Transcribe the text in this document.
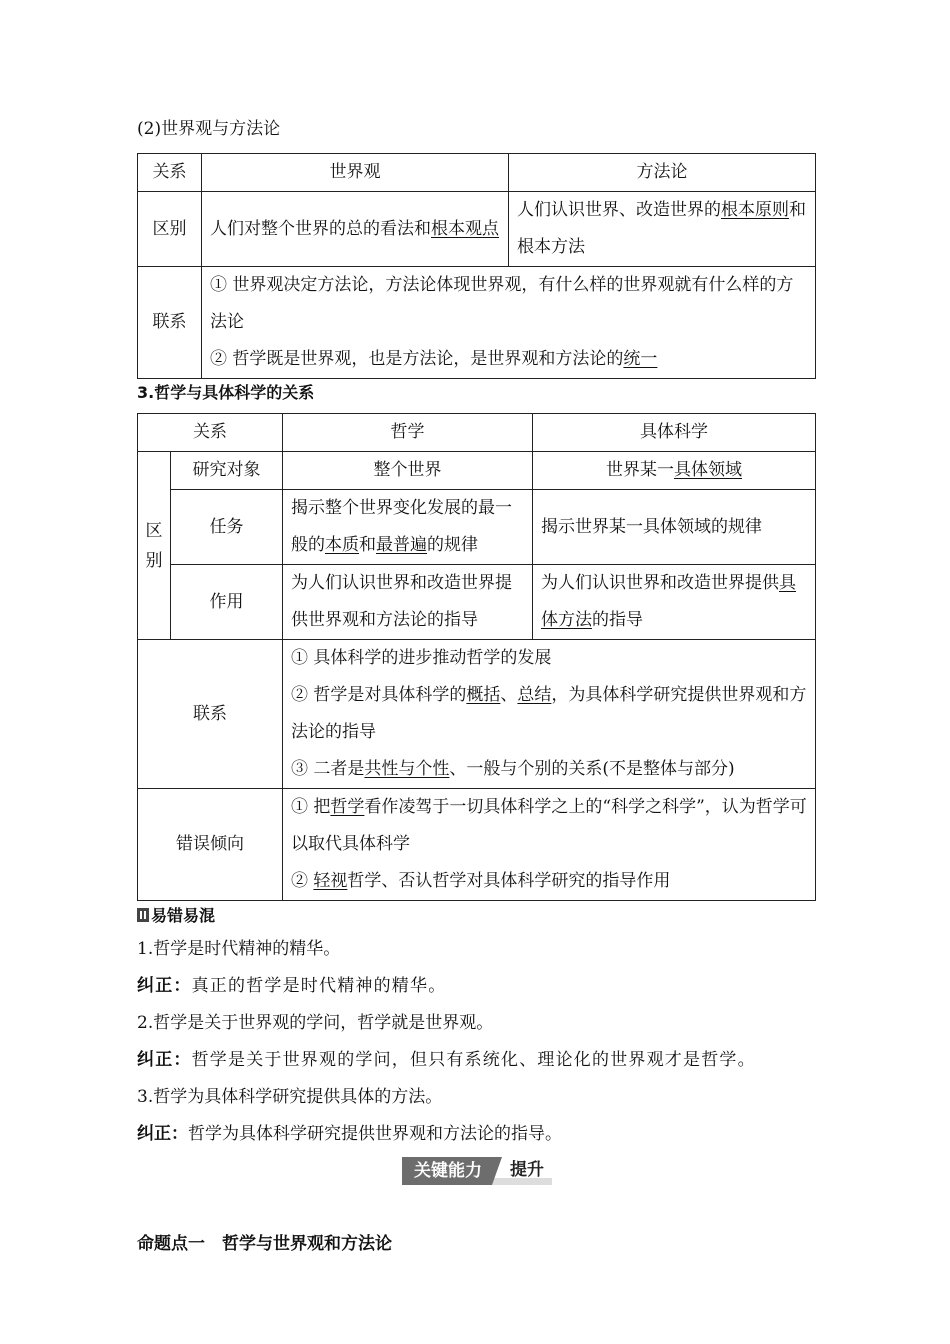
(2)世界观与方法论
关系	世界观	方法论
区别	人们对整个世界的总的看法和根本观点	人们认识世界、改造世界的根本原则和根本方法
联系	① 世界观决定方法论，方法论体现世界观，有什么样的世界观就有什么样的方法论
② 哲学既是世界观，也是方法论，是世界观和方法论的统一	
3.哲学与具体科学的关系
关系		哲学	具体科学
区别	研究对象	整个世界	世界某一具体领域
	任务	揭示整个世界变化发展的最一般的本质和最普遍的规律	揭示世界某一具体领域的规律
	作用	为人们认识世界和改造世界提供世界观和方法论的指导	为人们认识世界和改造世界提供具体方法的指导
联系		① 具体科学的进步推动哲学的发展
② 哲学是对具体科学的概括、总结，为具体科学研究提供世界观和方法论的指导
③ 二者是共性与个性、一般与个别的关系(不是整体与部分)	

错误倾向		① 把哲学看作凌驾于一切具体科学之上的“科学之科学”，认为哲学可以取代具体科学
② 轻视哲学、否认哲学对具体科学研究的指导作用	
易错易混

1.哲学是时代精神的精华。

纠正：真正的哲学是时代精神的精华。

2.哲学是关于世界观的学问，哲学就是世界观。

纠正：哲学是关于世界观的学问，但只有系统化、理论化的世界观才是哲学。

3.哲学为具体科学研究提供具体的方法。

纠正：哲学为具体科学研究提供世界观和方法论的指导。

关键能力	提升
命题点一　哲学与世界观和方法论
